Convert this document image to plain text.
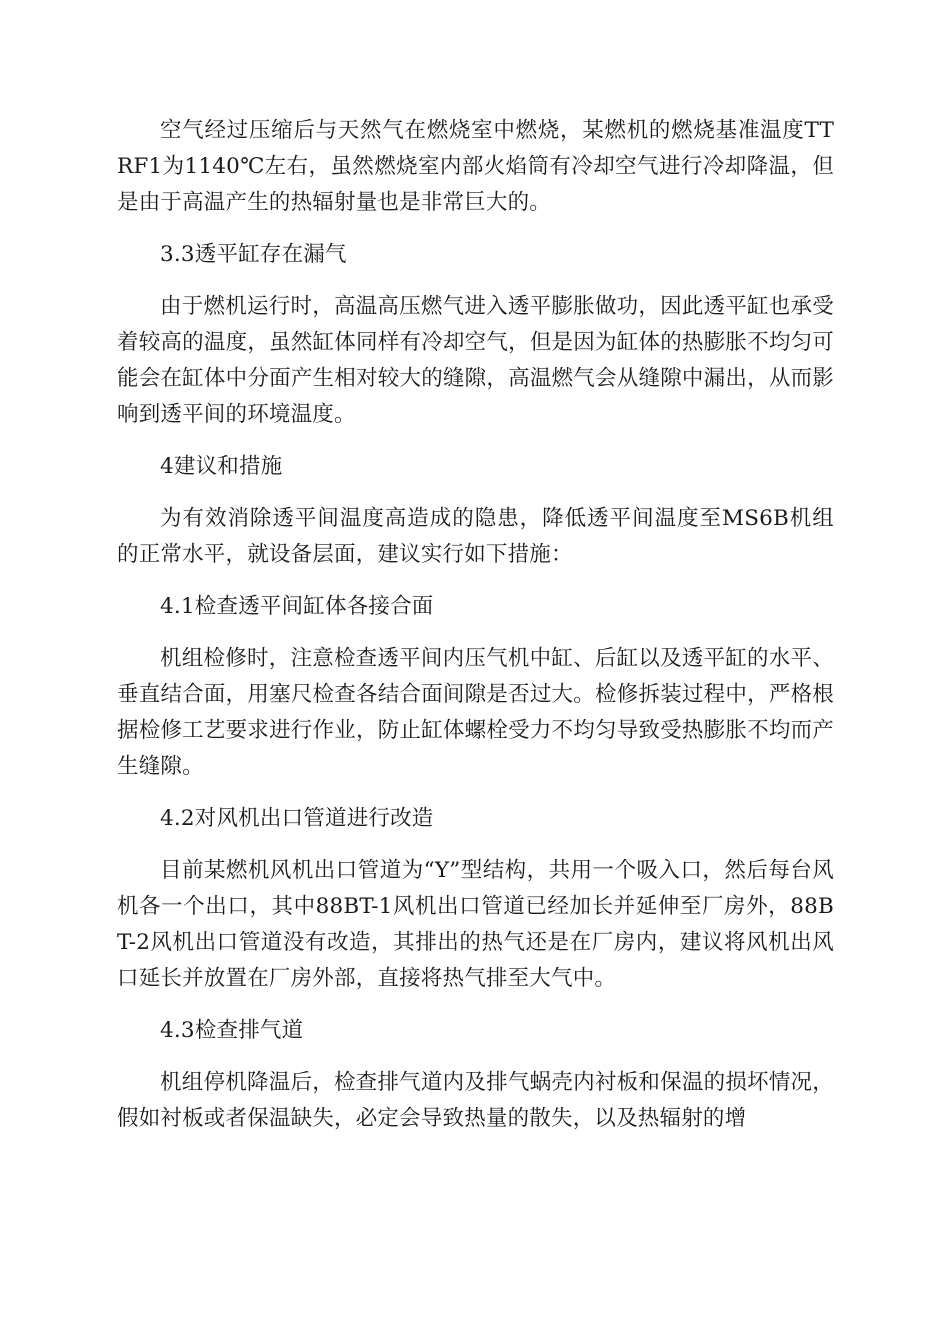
空气经过压缩后与天然气在燃烧室中燃烧，某燃机的燃烧基准温度TTRF1为1140℃左右，虽然燃烧室内部火焰筒有冷却空气进行冷却降温，但是由于高温产生的热辐射量也是非常巨大的。

3.3透平缸存在漏气

由于燃机运行时，高温高压燃气进入透平膨胀做功，因此透平缸也承受着较高的温度，虽然缸体同样有冷却空气，但是因为缸体的热膨胀不均匀可能会在缸体中分面产生相对较大的缝隙，高温燃气会从缝隙中漏出，从而影响到透平间的环境温度。

4建议和措施

为有效消除透平间温度高造成的隐患，降低透平间温度至MS6B机组的正常水平，就设备层面，建议实行如下措施：

4.1检查透平间缸体各接合面

机组检修时，注意检查透平间内压气机中缸、后缸以及透平缸的水平、垂直结合面，用塞尺检查各结合面间隙是否过大。检修拆装过程中，严格根据检修工艺要求进行作业，防止缸体螺栓受力不均匀导致受热膨胀不均而产生缝隙。

4.2对风机出口管道进行改造

目前某燃机风机出口管道为“Y”型结构，共用一个吸入口，然后每台风机各一个出口，其中88BT-1风机出口管道已经加长并延伸至厂房外，88BT-2风机出口管道没有改造，其排出的热气还是在厂房内，建议将风机出风口延长并放置在厂房外部，直接将热气排至大气中。

4.3检查排气道

机组停机降温后，检查排气道内及排气蜗壳内衬板和保温的损坏情况，假如衬板或者保温缺失，必定会导致热量的散失，以及热辐射的增
